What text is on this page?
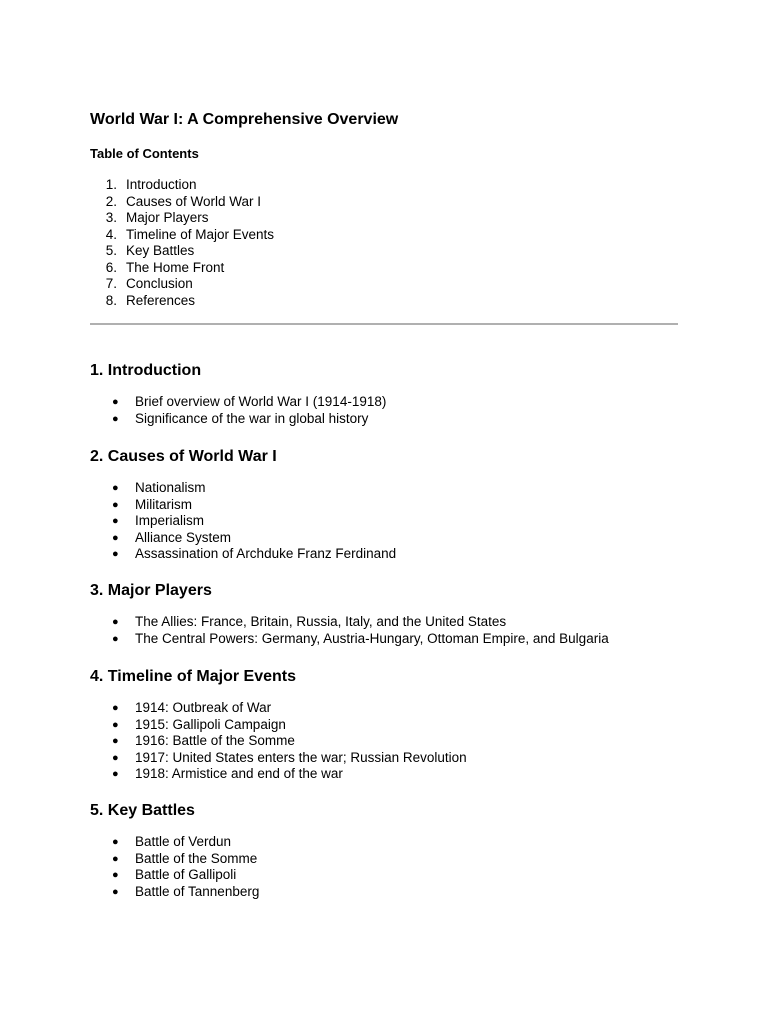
World War I: A Comprehensive Overview
Table of Contents
1. Introduction
2. Causes of World War I
3. Major Players
4. Timeline of Major Events
5. Key Battles
6. The Home Front
7. Conclusion
8. References
1. Introduction
●	Brief overview of World War I (1914-1918)
●	Significance of the war in global history
2. Causes of World War I
●	Nationalism
●	Militarism
●	Imperialism
●	Alliance System
●	Assassination of Archduke Franz Ferdinand
3. Major Players
●	The Allies: France, Britain, Russia, Italy, and the United States
●	The Central Powers: Germany, Austria-Hungary, Ottoman Empire, and Bulgaria
4. Timeline of Major Events
●	1914: Outbreak of War
●	1915: Gallipoli Campaign
●	1916: Battle of the Somme
●	1917: United States enters the war; Russian Revolution
●	1918: Armistice and end of the war
5. Key Battles
●	Battle of Verdun
●	Battle of the Somme
●	Battle of Gallipoli
●	Battle of Tannenberg
